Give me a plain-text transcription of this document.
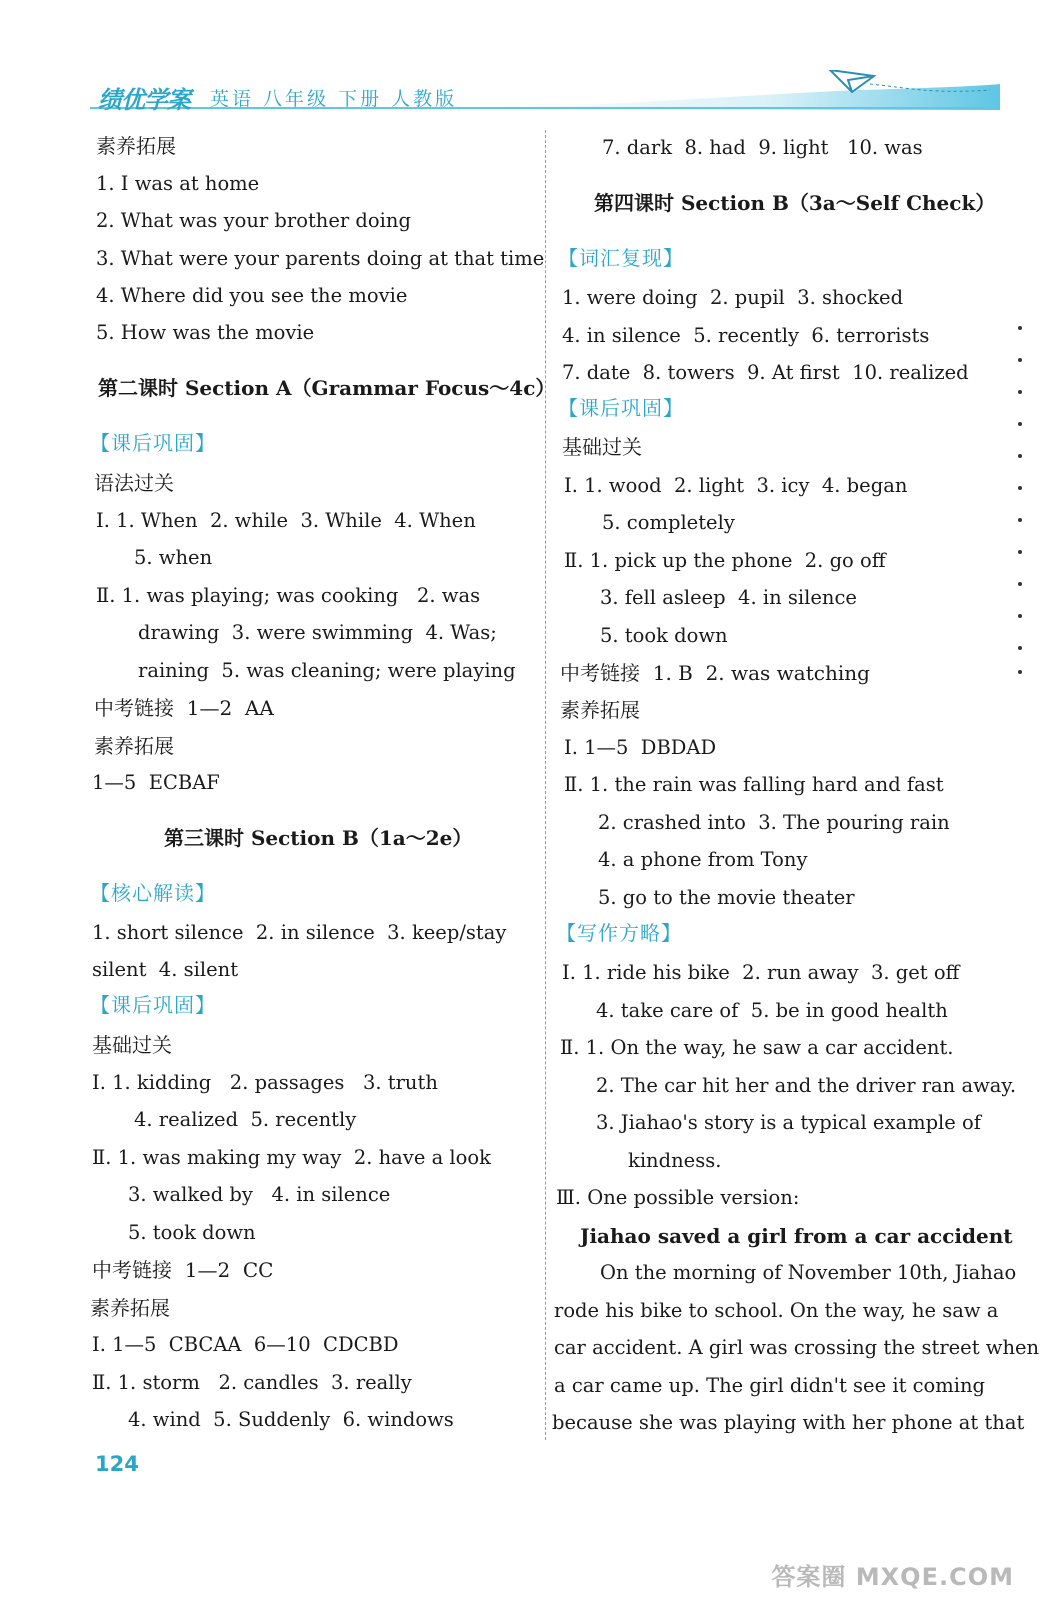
绩优学案 英语 八年级 下册 人教版
素养拓展
1. I was at home
2. What was your brother doing
3. What were your parents doing at that time
4. Where did you see the movie
5. How was the movie
第二课时 Section A（Grammar Focus～4c）
【课后巩固】
语法过关
Ⅰ. 1. When  2. while  3. While  4. When
5. when
Ⅱ. 1. was playing; was cooking   2. was
drawing  3. were swimming  4. Was;
raining  5. was cleaning; were playing
中考链接  1—2  AA
素养拓展
1—5  ECBAF
第三课时 Section B（1a～2e）
【核心解读】
1. short silence  2. in silence  3. keep/stay
silent  4. silent
【课后巩固】
基础过关
Ⅰ. 1. kidding   2. passages   3. truth
4. realized  5. recently
Ⅱ. 1. was making my way  2. have a look
3. walked by   4. in silence
5. took down
中考链接  1—2  CC
素养拓展
Ⅰ. 1—5  CBCAA  6—10  CDCBD
Ⅱ. 1. storm   2. candles  3. really
4. wind  5. Suddenly  6. windows
7. dark  8. had  9. light   10. was
第四课时 Section B（3a～Self Check）
【词汇复现】
1. were doing  2. pupil  3. shocked
4. in silence  5. recently  6. terrorists
7. date  8. towers  9. At first  10. realized
【课后巩固】
基础过关
Ⅰ. 1. wood  2. light  3. icy  4. began
5. completely
Ⅱ. 1. pick up the phone  2. go off
3. fell asleep  4. in silence
5. took down
中考链接  1. B  2. was watching
素养拓展
Ⅰ. 1—5  DBDAD
Ⅱ. 1. the rain was falling hard and fast
2. crashed into  3. The pouring rain
4. a phone from Tony
5. go to the movie theater
【写作方略】
Ⅰ. 1. ride his bike  2. run away  3. get off
4. take care of  5. be in good health
Ⅱ. 1. On the way, he saw a car accident.
2. The car hit her and the driver ran away.
3. Jiahao's story is a typical example of
kindness.
Ⅲ. One possible version:
Jiahao saved a girl from a car accident
On the morning of November 10th, Jiahao
rode his bike to school. On the way, he saw a
car accident. A girl was crossing the street when
a car came up. The girl didn't see it coming
because she was playing with her phone at that
124
答案圈 MXQE.COM
